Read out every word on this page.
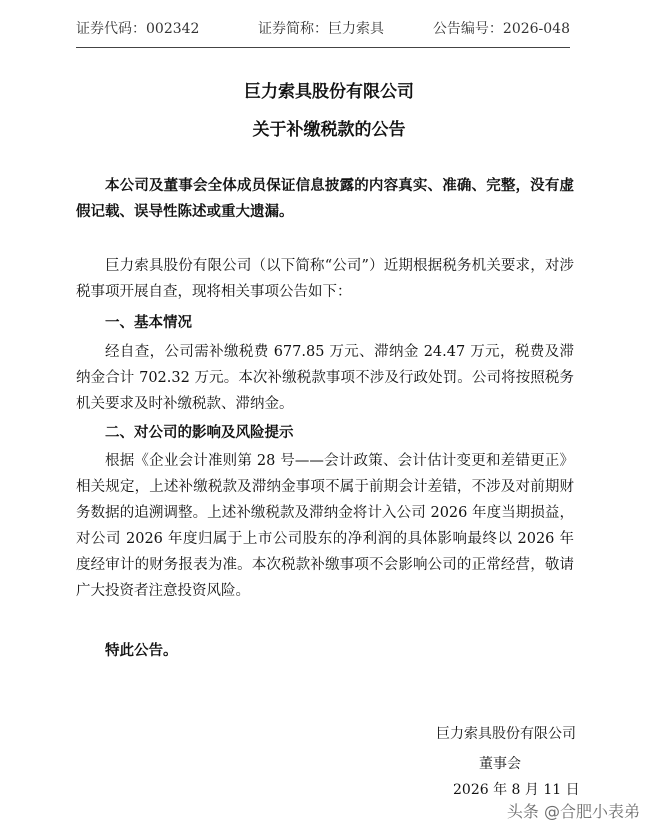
证券代码：002342	证券简称：巨力索具	公告编号：2026-048
巨力索具股份有限公司
关于补缴税款的公告

本公司及董事会全体成员保证信息披露的内容真实、准确、完整，没有虚假记载、误导性陈述或重大遗漏。

巨力索具股份有限公司（以下简称“公司”）近期根据税务机关要求，对涉税事项开展自查，现将相关事项公告如下：

一、基本情况

经自查，公司需补缴税费 677.85 万元、滞纳金 24.47 万元，税费及滞纳金合计 702.32 万元。本次补缴税款事项不涉及行政处罚。公司将按照税务机关要求及时补缴税款、滞纳金。

二、对公司的影响及风险提示

根据《企业会计准则第 28 号——会计政策、会计估计变更和差错更正》相关规定，上述补缴税款及滞纳金事项不属于前期会计差错，不涉及对前期财务数据的追溯调整。上述补缴税款及滞纳金将计入公司 2026 年度当期损益，对公司 2026 年度归属于上市公司股东的净利润的具体影响最终以 2026 年度经审计的财务报表为准。本次税款补缴事项不会影响公司的正常经营，敬请广大投资者注意投资风险。

特此公告。
巨力索具股份有限公司
董事会
2026 年 8 月 11 日
头条 @合肥小表弟
